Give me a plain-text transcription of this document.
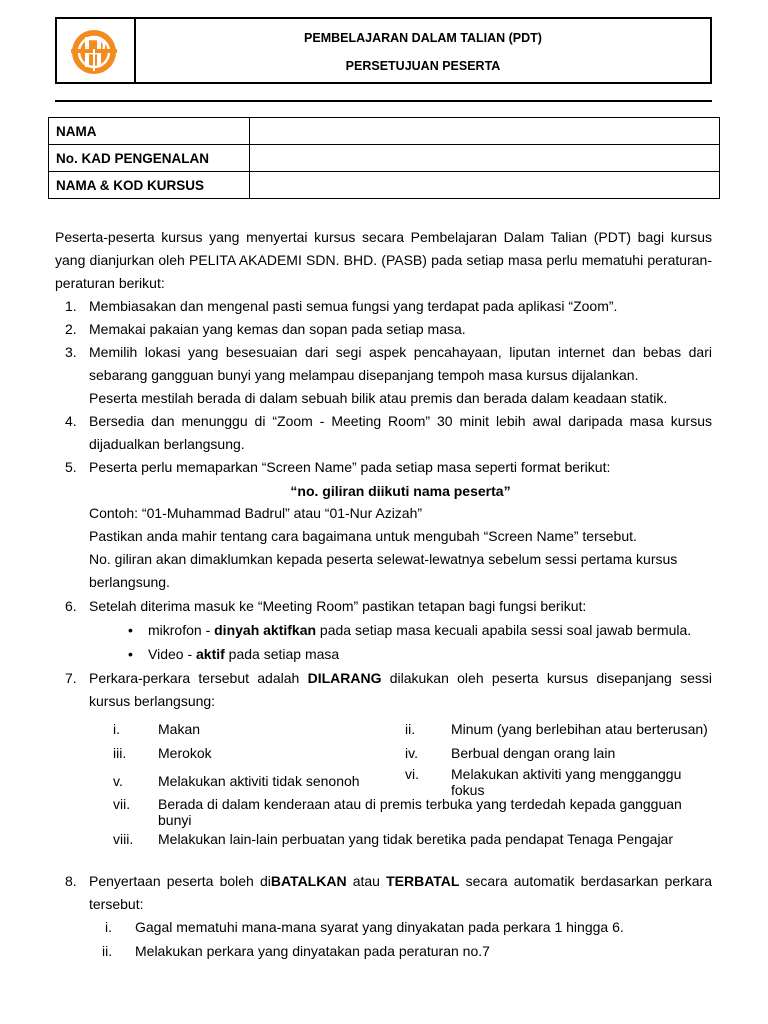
PEMBELAJARAN DALAM TALIAN (PDT)
PERSETUJUAN PESERTA
NAMA	
No. KAD PENGENALAN	
NAMA & KOD KURSUS	
Peserta-peserta kursus yang menyertai kursus secara Pembelajaran Dalam Talian (PDT) bagi kursus yang dianjurkan oleh PELITA AKADEMI SDN. BHD. (PASB) pada setiap masa perlu mematuhi peraturan- peraturan berikut:
1. Membiasakan dan mengenal pasti semua fungsi yang terdapat pada aplikasi “Zoom”.
2. Memakai pakaian yang kemas dan sopan pada setiap masa.
3. Memilih lokasi yang besesuaian dari segi aspek pencahayaan, liputan internet dan bebas dari sebarang gangguan bunyi yang melampau disepanjang tempoh masa kursus dijalankan.
Peserta mestilah berada di dalam sebuah bilik atau premis dan berada dalam keadaan statik.
4. Bersedia dan menunggu di “Zoom - Meeting Room” 30 minit lebih awal daripada masa kursus dijadualkan berlangsung.
5. Peserta perlu memaparkan “Screen Name” pada setiap masa seperti format berikut:
“no. giliran diikuti nama peserta”
Contoh: “01-Muhammad Badrul” atau “01-Nur Azizah”
Pastikan anda mahir tentang cara bagaimana untuk mengubah “Screen Name” tersebut.
No. giliran akan dimaklumkan kepada peserta selewat-lewatnya sebelum sessi pertama kursus berlangsung.
6. Setelah diterima masuk ke “Meeting Room” pastikan tetapan bagi fungsi berikut:
• mikrofon - dinyah aktifkan pada setiap masa kecuali apabila sessi soal jawab bermula.
• Video - aktif pada setiap masa
7. Perkara-perkara tersebut adalah DILARANG dilakukan oleh peserta kursus disepanjang sessi kursus berlangsung:
i.	Makan	ii.	Minum (yang berlebihan atau berterusan)
iii. Merokok	iv. Berbual dengan orang lain
v.	Melakukan aktiviti tidak senonoh	vi. Melakukan aktiviti yang mengganggu fokus
vii. Berada di dalam kenderaan atau di premis terbuka yang terdedah kepada gangguan bunyi
viii. Melakukan lain-lain perbuatan yang tidak beretika pada pendapat Tenaga Pengajar
8. Penyertaan peserta boleh diBATALKAN atau TERBATAL secara automatik berdasarkan perkara tersebut:
i. Gagal mematuhi mana-mana syarat yang dinyakatan pada perkara 1 hingga 6.
ii. Melakukan perkara yang dinyatakan pada peraturan no.7
